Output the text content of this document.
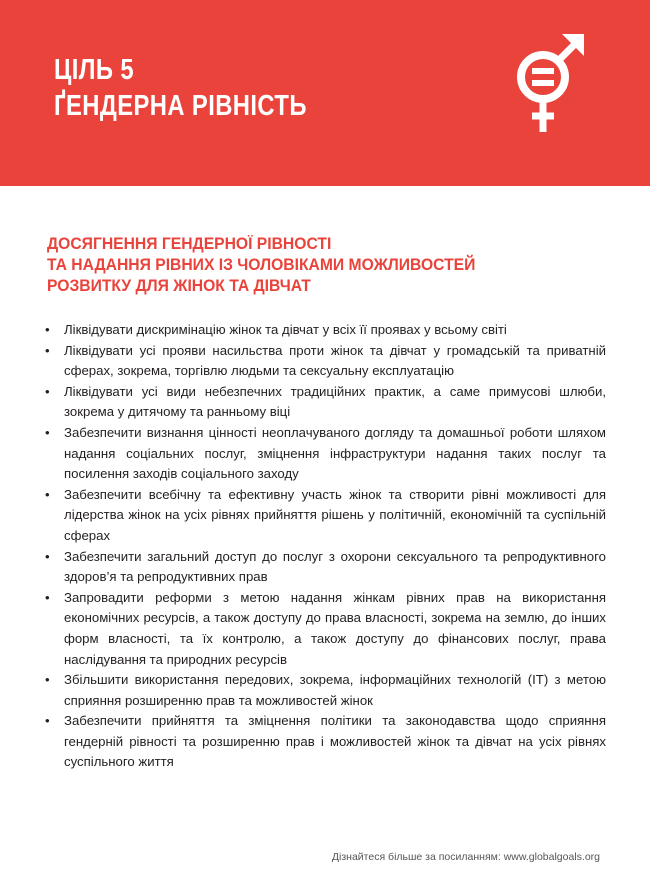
ЦІЛЬ 5
ҐЕНДЕРНА РІВНІСТЬ
ДОСЯГНЕННЯ ГЕНДЕРНОЇ РІВНОСТІ
ТА НАДАННЯ РІВНИХ ІЗ ЧОЛОВІКАМИ МОЖЛИВОСТЕЙ
РОЗВИТКУ ДЛЯ ЖІНОК ТА ДІВЧАТ
• Ліквідувати дискримінацію жінок та дівчат у всіх її проявах у всьому світі
• Ліквідувати усі прояви насильства проти жінок та дівчат у громадській та приватній сферах, зокрема, торгівлю людьми та сексуальну експлуатацію
• Ліквідувати усі види небезпечних традиційних практик, а саме примусові шлюби, зокрема у дитячому та ранньому віці
• Забезпечити визнання цінності неоплачуваного догляду та домашньої роботи шляхом надання соціальних послуг, зміцнення інфраструктури надання таких послуг та посилення заходів соціального заходу
• Забезпечити всебічну та ефективну участь жінок та створити рівні можливості для лідерства жінок на усіх рівнях прийняття рішень у політичній, економічній та суспільній сферах
• Забезпечити загальний доступ до послуг з охорони сексуального та репродуктивного здоров’я та репродуктивних прав
• Запровадити реформи з метою надання жінкам рівних прав на використання економічних ресурсів, а також доступу до права власності, зокрема на землю, до інших форм власності, та їх контролю, а також доступу до фінансових послуг, права наслідування та природних ресурсів
• Збільшити використання передових, зокрема, інформаційних технологій (ІТ) з метою сприяння розширенню прав та можливостей жінок
• Забезпечити прийняття та зміцнення політики та законодавства щодо сприяння гендерній рівності та розширенню прав і можливостей жінок та дівчат на усіх рівнях суспільного життя
Дізнайтеся більше за посиланням: www.globalgoals.org
